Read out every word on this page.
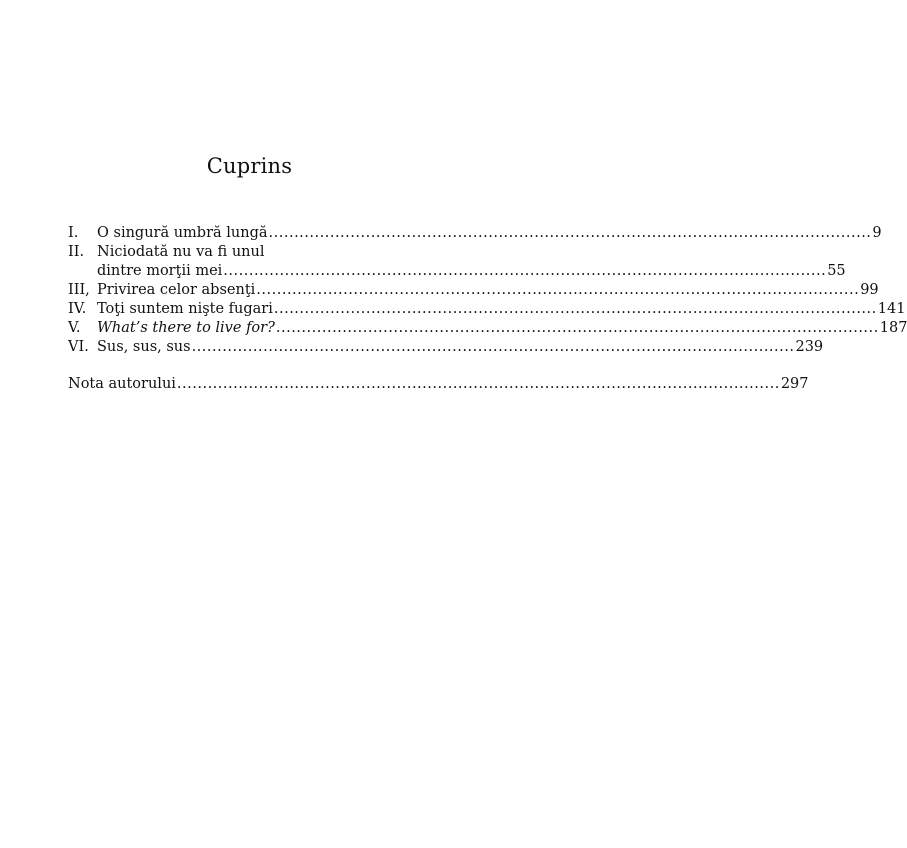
Cuprins
I.	O singură umbră lungă ...................................................................................................................... 9
II. Niciodată nu va fi unul
dintre morţii mei ...................................................................................................................... 55
III, Privirea celor absenţi ...................................................................................................................... 99
IV. Toţi suntem nişte fugari ...................................................................................................................... 141
V.	What’s there to live for? ...................................................................................................................... 187
VI. Sus, sus, sus ...................................................................................................................... 239
Nota autorului ...................................................................................................................... 297
